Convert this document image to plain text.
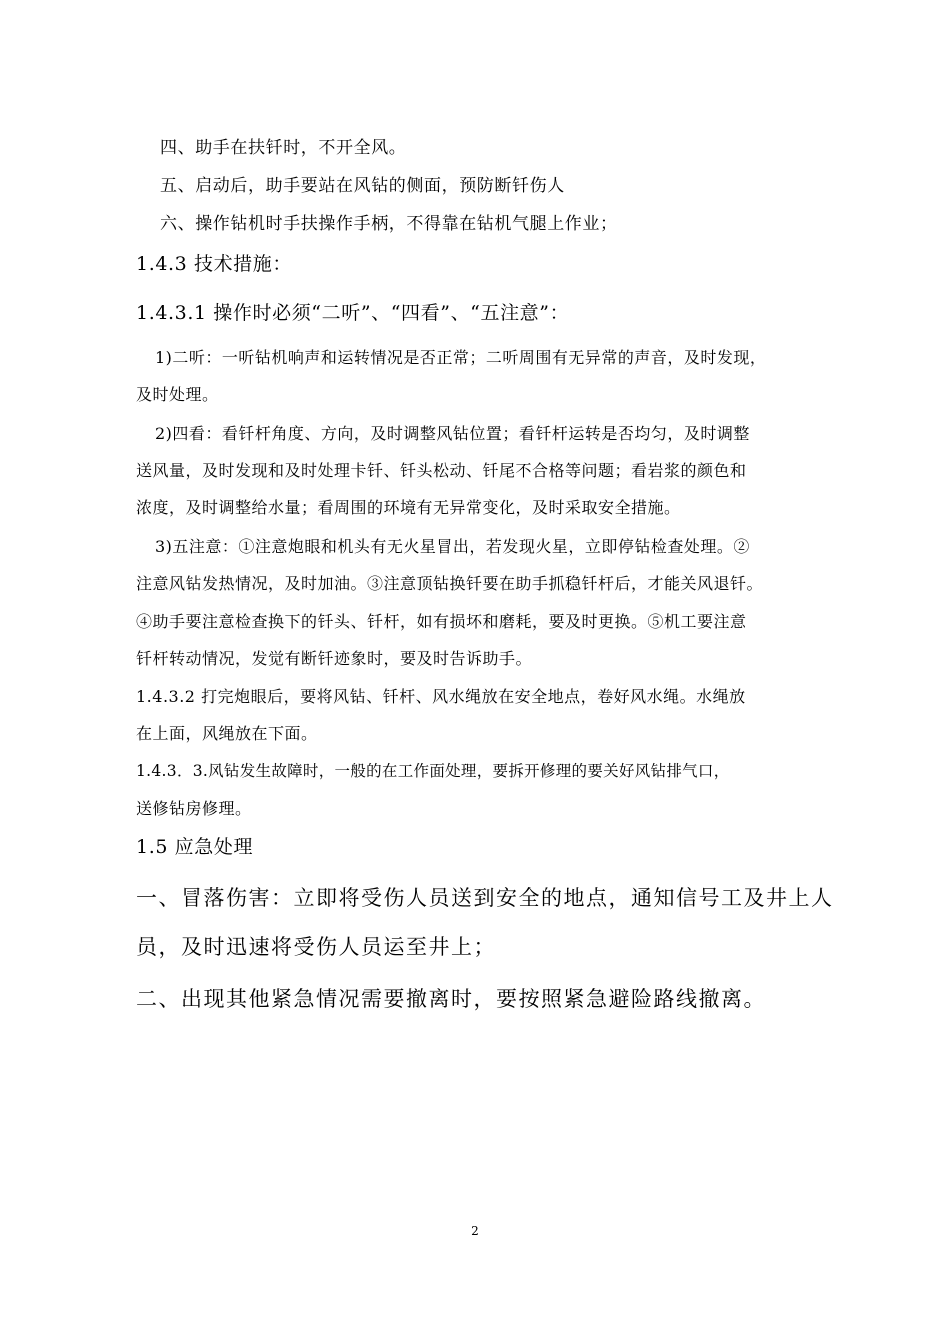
四、助手在扶钎时，不开全风。
五、启动后，助手要站在风钻的侧面，预防断钎伤人
六、操作钻机时手扶操作手柄，不得靠在钻机气腿上作业；
1.4.3 技术措施：
1.4.3.1 操作时必须“二听”、“四看”、“五注意”：
1)二听：一听钻机响声和运转情况是否正常；二听周围有无异常的声音，及时发现，
及时处理。
2)四看：看钎杆角度、方向，及时调整风钻位置；看钎杆运转是否均匀，及时调整
送风量，及时发现和及时处理卡钎、钎头松动、钎尾不合格等问题；看岩浆的颜色和
浓度，及时调整给水量；看周围的环境有无异常变化，及时采取安全措施。
3)五注意：①注意炮眼和机头有无火星冒出，若发现火星，立即停钻检查处理。②
注意风钻发热情况，及时加油。③注意顶钻换钎要在助手抓稳钎杆后，才能关风退钎。
④助手要注意检查换下的钎头、钎杆，如有损坏和磨耗，要及时更换。⑤机工要注意
钎杆转动情况，发觉有断钎迹象时，要及时告诉助手。
1.4.3.2 打完炮眼后，要将风钻、钎杆、风水绳放在安全地点，卷好风水绳。水绳放
在上面，风绳放在下面。
1.4.3．3.风钻发生故障时，一般的在工作面处理，要拆开修理的要关好风钻排气口，
送修钻房修理。
1.5 应急处理
一、冒落伤害：立即将受伤人员送到安全的地点，通知信号工及井上人
员，及时迅速将受伤人员运至井上；
二、出现其他紧急情况需要撤离时，要按照紧急避险路线撤离。
2
